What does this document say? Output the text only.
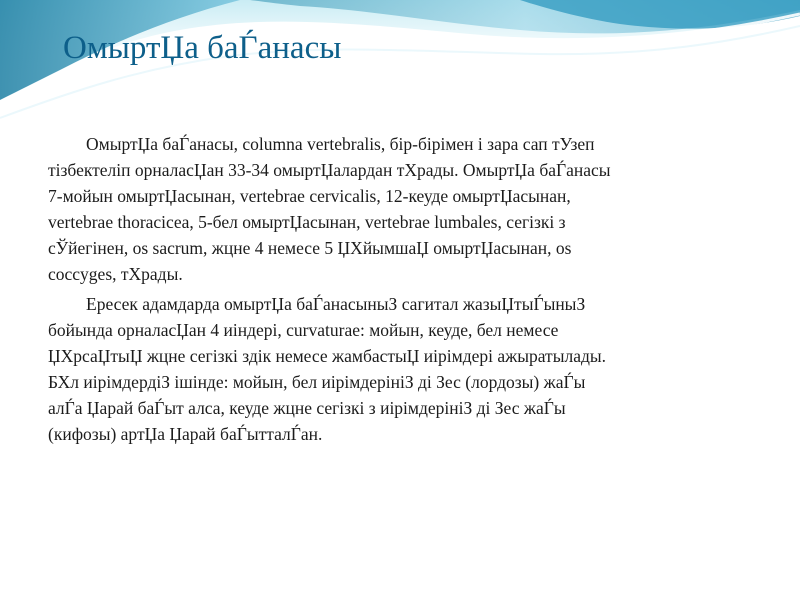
ОмыртЏа баЃанасы

ОмыртЏа баЃанасы, columna vertebralis, бір-бірімен і зара сап тУзеп
тізбектеліп орналасЏан 33-34 омыртЏалардан тХрады. ОмыртЏа баЃанасы
7-мойын омыртЏасынан, vertebrae cervicalis, 12-кеуде омыртЏасынан,
vertebrae thoracicea, 5-бел омыртЏасынан, vertebrae lumbales, сегізкі з
сЎйегінен, os sacrum, жцне 4 немесе 5 ЏХйымшаЏ омыртЏасынан, os
coccyges, тХрады.

Ересек адамдарда омыртЏа баЃанасыныЗ сагитал жазыЏтыЃыныЗ
бойында орналасЏан 4 иіндері, curvaturae: мойын, кеуде, бел немесе
ЏХрсаЏтыЏ жцне сегізкі здік немесе жамбастыЏ иірімдері ажыратылады.
БХл иірімдердіЗ ішінде: мойын, бел иірімдерініЗ ді Зес (лордозы) жаЃы
алЃа Џарай баЃыт алса, кеуде жцне сегізкі з иірімдерініЗ ді Зес жаЃы
(кифозы) артЏа Џарай баЃытталЃан.
